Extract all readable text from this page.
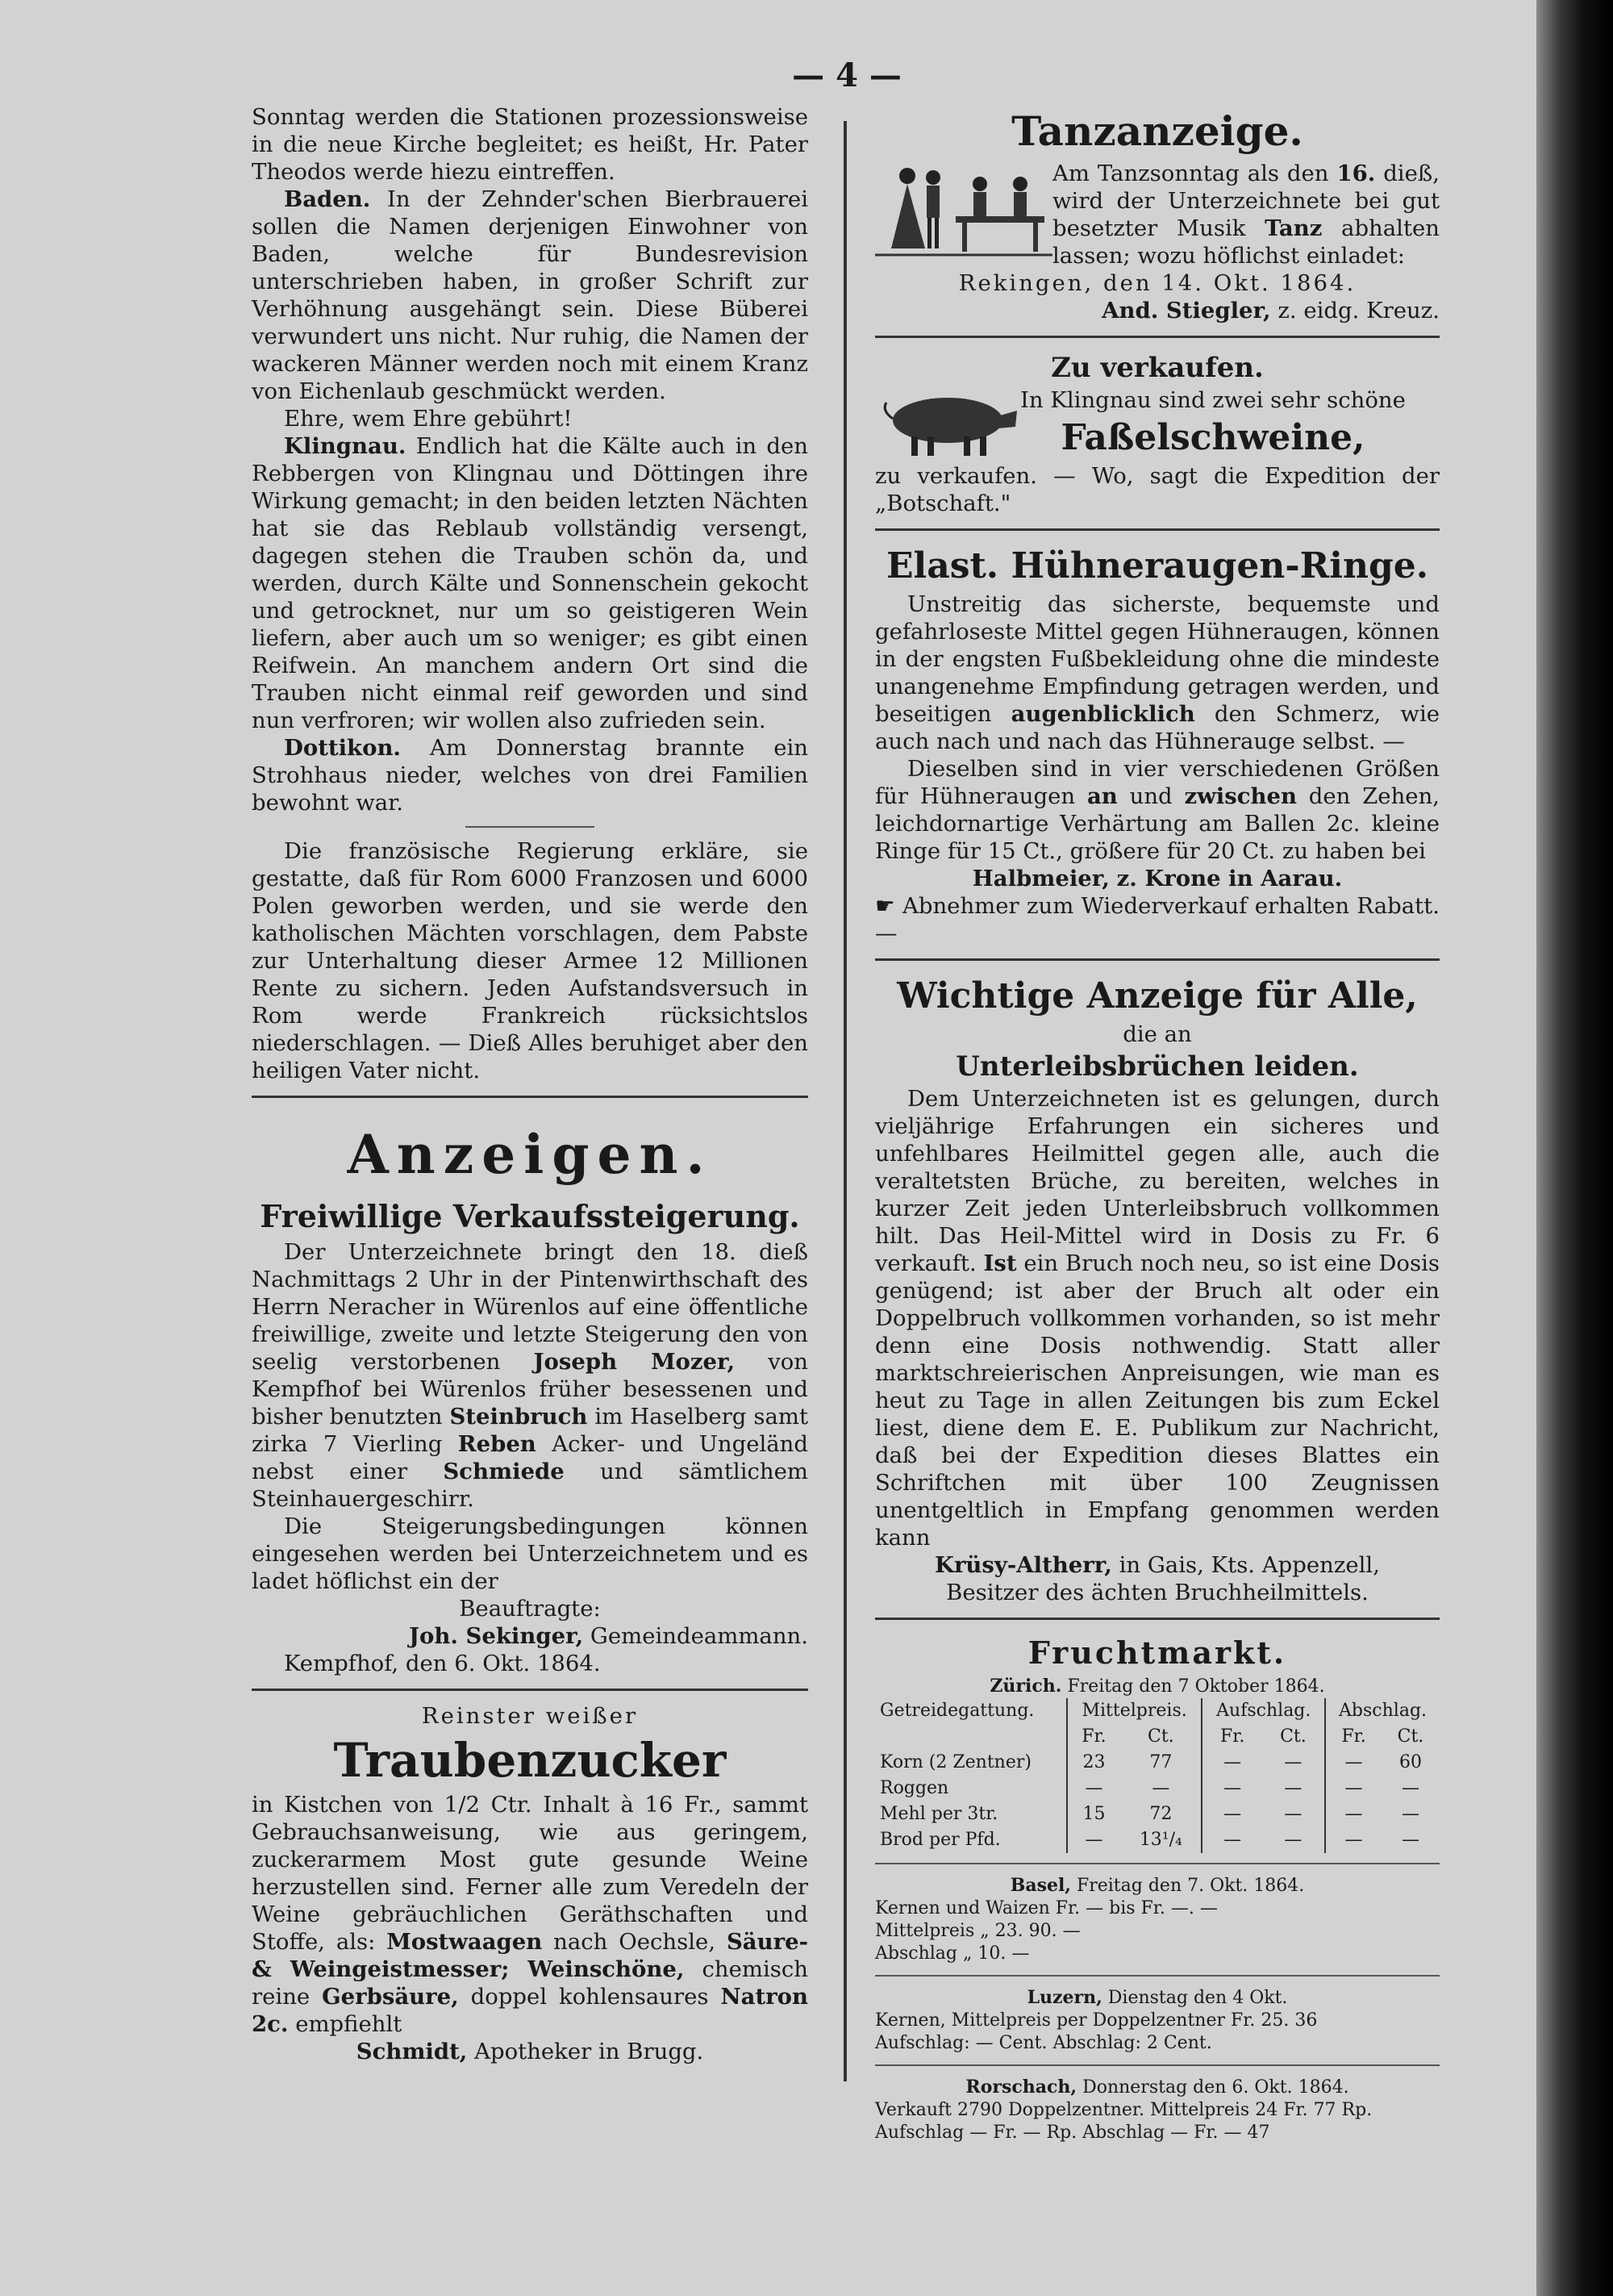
— 4 —

Sonntag werden die Stationen prozessionsweise in die neue Kirche begleitet; es heißt, Hr. Pater Theodos werde hiezu eintreffen.

Baden. In der Zehnder'schen Bierbrauerei sollen die Namen derjenigen Einwohner von Baden, welche für Bundesrevision unterschrieben haben, in großer Schrift zur Verhöhnung ausgehängt sein. Diese Büberei verwundert uns nicht. Nur ruhig, die Namen der wackeren Männer werden noch mit einem Kranz von Eichenlaub geschmückt werden.

Ehre, wem Ehre gebührt!

Klingnau. Endlich hat die Kälte auch in den Rebbergen von Klingnau und Döttingen ihre Wirkung gemacht; in den beiden letzten Nächten hat sie das Reblaub vollständig versengt, dagegen stehen die Trauben schön da, und werden, durch Kälte und Sonnenschein gekocht und getrocknet, nur um so geistigeren Wein liefern, aber auch um so weniger; es gibt einen Reifwein. An manchem andern Ort sind die Trauben nicht einmal reif geworden und sind nun verfroren; wir wollen also zufrieden sein.

Dottikon. Am Donnerstag brannte ein Strohhaus nieder, welches von drei Familien bewohnt war.

Die französische Regierung erkläre, sie gestatte, daß für Rom 6000 Franzosen und 6000 Polen geworben werden, und sie werde den katholischen Mächten vorschlagen, dem Pabste zur Unterhaltung dieser Armee 12 Millionen Rente zu sichern. Jeden Aufstandsversuch in Rom werde Frankreich rücksichtslos niederschlagen. — Dieß Alles beruhiget aber den heiligen Vater nicht.

Anzeigen.
Freiwillige Verkaufssteigerung.

Der Unterzeichnete bringt den 18. dieß Nachmittags 2 Uhr in der Pintenwirthschaft des Herrn Neracher in Würenlos auf eine öffentliche freiwillige, zweite und letzte Steigerung den von seelig verstorbenen Joseph Mozer, von Kempfhof bei Würenlos früher besessenen und bisher benutzten Steinbruch im Haselberg samt zirka 7 Vierling Reben Acker- und Ungeländ nebst einer Schmiede und sämtlichem Steinhauergeschirr.

Die Steigerungsbedingungen können eingesehen werden bei Unterzeichnetem und es ladet höflichst ein der

Beauftragte:

Joh. Sekinger, Gemeindeammann.

Kempfhof, den 6. Okt. 1864.

Reinster weißer

Traubenzucker

in Kistchen von 1/2 Ctr. Inhalt à 16 Fr., sammt Gebrauchsanweisung, wie aus geringem, zuckerarmem Most gute gesunde Weine herzustellen sind. Ferner alle zum Veredeln der Weine gebräuchlichen Geräthschaften und Stoffe, als: Mostwaagen nach Oechsle, Säure- & Weingeistmesser; Weinschöne, chemisch reine Gerbsäure, doppel kohlensaures Natron 2c. empfiehlt

Schmidt, Apotheker in Brugg.

Tanzanzeige.

Am Tanzsonntag als den 16. dieß, wird der Unterzeichnete bei gut besetzter Musik Tanz abhalten lassen; wozu höflichst einladet:

Rekingen, den 14. Okt. 1864.

And. Stiegler, z. eidg. Kreuz.

Zu verkaufen.

In Klingnau sind zwei sehr schöne

Faßelschweine,

zu verkaufen. — Wo, sagt die Expedition der „Botschaft."

Elast. Hühneraugen-Ringe.

Unstreitig das sicherste, bequemste und gefahrloseste Mittel gegen Hühneraugen, können in der engsten Fußbekleidung ohne die mindeste unangenehme Empfindung getragen werden, und beseitigen augenblicklich den Schmerz, wie auch nach und nach das Hühnerauge selbst. —

Dieselben sind in vier verschiedenen Größen für Hühneraugen an und zwischen den Zehen, leichdornartige Verhärtung am Ballen 2c. kleine Ringe für 15 Ct., größere für 20 Ct. zu haben bei

Halbmeier, z. Krone in Aarau.

☛ Abnehmer zum Wiederverkauf erhalten Rabatt. —

Wichtige Anzeige für Alle,

die an

Unterleibsbrüchen leiden.

Dem Unterzeichneten ist es gelungen, durch vieljährige Erfahrungen ein sicheres und unfehlbares Heilmittel gegen alle, auch die veraltetsten Brüche, zu bereiten, welches in kurzer Zeit jeden Unterleibsbruch vollkommen hilt. Das Heil-Mittel wird in Dosis zu Fr. 6 verkauft. Ist ein Bruch noch neu, so ist eine Dosis genügend; ist aber der Bruch alt oder ein Doppelbruch vollkommen vorhanden, so ist mehr denn eine Dosis nothwendig. Statt aller marktschreierischen Anpreisungen, wie man es heut zu Tage in allen Zeitungen bis zum Eckel liest, diene dem E. E. Publikum zur Nachricht, daß bei der Expedition dieses Blattes ein Schriftchen mit über 100 Zeugnissen unentgeltlich in Empfang genommen werden kann

Krüsy-Altherr, in Gais, Kts. Appenzell,

Besitzer des ächten Bruchheilmittels.

Fruchtmarkt.

Zürich. Freitag den 7 Oktober 1864.

Getreidegattung.	Mittelpreis.		Aufschlag.		Abschlag.	
	Fr.	Ct.	Fr.	Ct.	Fr.	Ct.
Korn (2 Zentner)	23	77	—	—	—	60
Roggen	—	—	—	—	—	—
Mehl per 3tr.	15	72	—	—	—	—
Brod per Pfd.	—	13¹/₄	—	—	—	—

Basel, Freitag den 7. Okt. 1864.

Kernen und Waizen Fr. — bis Fr. —. —

Mittelpreis „ 23. 90. —

Abschlag „ 10. —

Luzern, Dienstag den 4 Okt.

Kernen, Mittelpreis per Doppelzentner Fr. 25. 36

Aufschlag: — Cent. Abschlag: 2 Cent.

Rorschach, Donnerstag den 6. Okt. 1864.

Verkauft 2790 Doppelzentner. Mittelpreis 24 Fr. 77 Rp.

Aufschlag — Fr. — Rp. Abschlag — Fr. — 47
